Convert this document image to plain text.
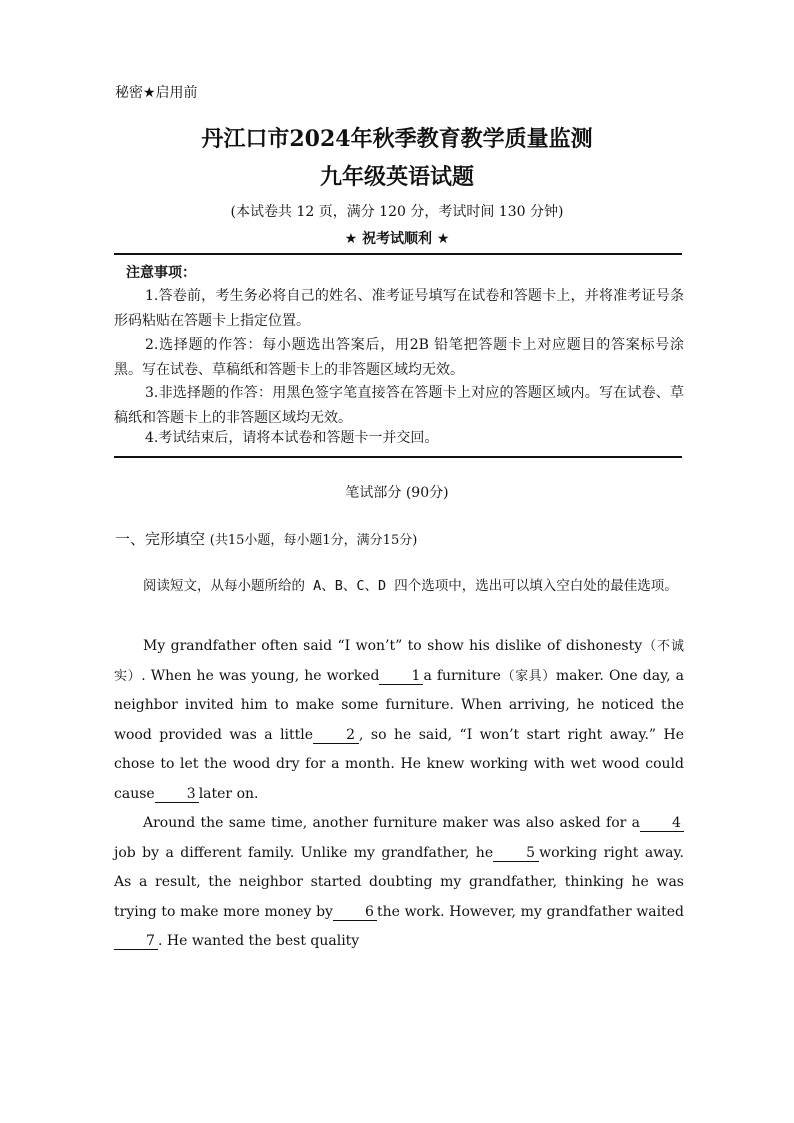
秘密★启用前
丹江口市2024年秋季教育教学质量监测
九年级英语试题
(本试卷共 12 页，满分 120 分，考试时间 130 分钟)
★ 祝考试顺利 ★
注意事项：
1.答卷前，考生务必将自己的姓名、准考证号填写在试卷和答题卡上，并将准考证号条形码粘贴在答题卡上指定位置。
2.选择题的作答：每小题选出答案后，用2B 铅笔把答题卡上对应题目的答案标号涂黑。写在试卷、草稿纸和答题卡上的非答题区域均无效。
3.非选择题的作答：用黑色签字笔直接答在答题卡上对应的答题区域内。写在试卷、草稿纸和答题卡上的非答题区域均无效。
4.考试结束后，请将本试卷和答题卡一并交回。
笔试部分 (90分)
一、完形填空 (共15小题，每小题1分，满分15分)
阅读短文，从每小题所给的 A、B、C、D 四个选项中，选出可以填入空白处的最佳选项。

My grandfather often said “I won’t” to show his dislike of dishonesty（不诚实）. When he was young, he worked 1 a furniture（家具）maker. One day, a neighbor invited him to make some furniture. When arriving, he noticed the wood provided was a little 2 , so he said, “I won’t start right away.” He chose to let the wood dry for a month. He knew working with wet wood could cause 3 later on.

Around the same time, another furniture maker was also asked for a 4job by a different family. Unlike my grandfather, he 5 working right away. As a result, the neighbor started doubting my grandfather, thinking he was trying to make more money by 6 the work. However, my grandfather waited7 . He wanted the best quality
